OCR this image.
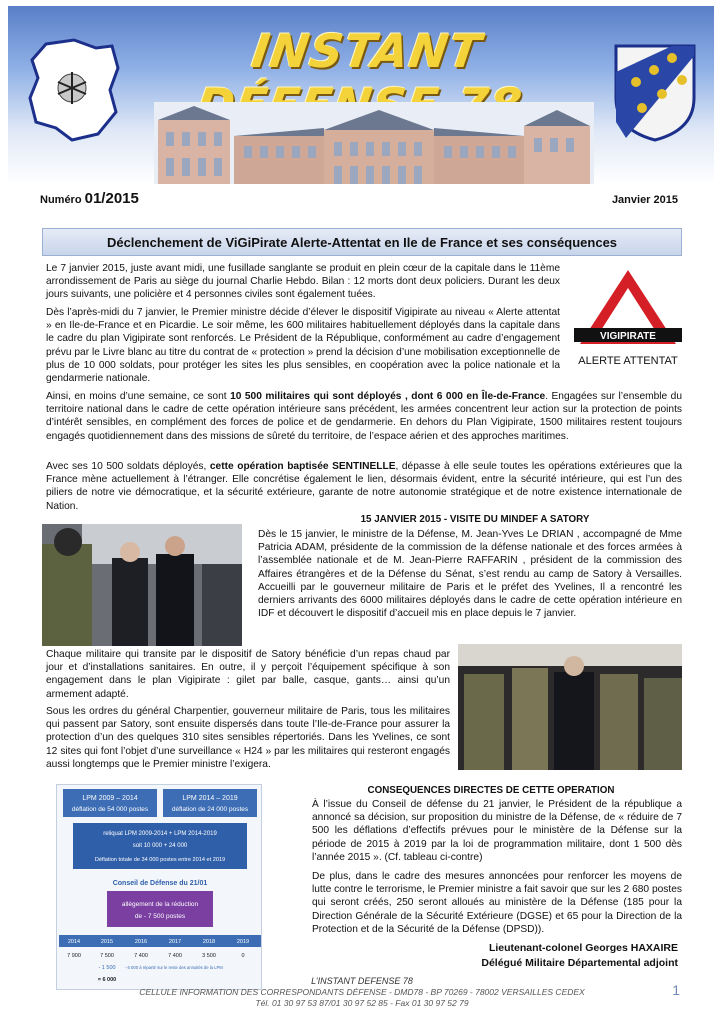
INSTANT
Numéro 01/2015	Janvier 2015
Déclenchement de ViGiPirate Alerte-Attentat en Ile de France et ses conséquences
VIGIPIRATE
ALERTE ATTENTAT

Le 7 janvier 2015, juste avant midi, une fusillade sanglante se produit en plein cœur de la capitale dans le 11ème arrondissement de Paris au siège du journal Charlie Hebdo. Bilan : 12 morts dont deux policiers. Durant les deux jours suivants, une policière et 4 personnes civiles sont également tuées.

Dès l’après-midi du 7 janvier, le Premier ministre décide d’élever le dispositif Vigipirate au niveau « Alerte attentat » en Ile-de-France et en Picardie. Le soir même, les 600 militaires habituellement déployés dans la capitale dans le cadre du plan Vigipirate sont renforcés. Le Président de la République, conformément au cadre d’engagement prévu par le Livre blanc au titre du contrat de « protection » prend la décision d’une mobilisation exceptionnelle de plus de 10 000 soldats, pour protéger les sites les plus sensibles, en coopération avec la police nationale et la gendarmerie nationale.

Ainsi, en moins d’une semaine, ce sont 10 500 militaires qui sont déployés , dont 6 000 en Île-de-France. Engagées sur l’ensemble du territoire national dans le cadre de cette opération intérieure sans précédent, les armées concentrent leur action sur la protection de points d’intérêt sensibles, en complément des forces de police et de gendarmerie. En dehors du Plan Vigipirate, 1500 militaires restent toujours engagés quotidiennement dans des missions de sûreté du territoire, de l’espace aérien et des approches maritimes.

Avec ses 10 500 soldats déployés, cette opération baptisée SENTINELLE, dépasse à elle seule toutes les opérations extérieures que la France mène actuellement à l’étranger. Elle concrétise également le lien, désormais évident, entre la sécurité intérieure, qui est l’un des piliers de notre vie démocratique, et la sécurité extérieure, garante de notre autonomie stratégique et de notre existence internationale de Nation.

15 JANVIER 2015 - VISITE DU MINDEF A SATORY

Dès le 15 janvier, le ministre de la Défense, M. Jean-Yves Le DRIAN , accompagné de Mme Patricia ADAM, présidente de la commission de la défense nationale et des forces armées à l’assemblée nationale et de M. Jean-Pierre RAFFARIN , président de la commission des Affaires étrangères et de la Défense du Sénat, s’est rendu au camp de Satory à Versailles. Accueilli par le gouverneur militaire de Paris et le préfet des Yvelines, Il a rencontré les derniers arrivants des 6000 militaires déployés dans le cadre de cette opération intérieure en IDF et découvert le dispositif d’accueil mis en place depuis le 7 janvier.

Chaque militaire qui transite par le dispositif de Satory bénéficie d’un repas chaud par jour et d’installations sanitaires. En outre, il y perçoit l’équipement spécifique à son engagement dans le plan Vigipirate : gilet par balle, casque, gants… ainsi qu’un armement adapté.

Sous les ordres du général Charpentier, gouverneur militaire de Paris, tous les militaires qui passent par Satory, sont ensuite dispersés dans toute l’Ile-de-France pour assurer la protection d’un des quelques 310 sites sensibles répertoriés. Dans les Yvelines, ce sont 12 sites qui font l’objet d’une surveillance « H24 » par les militaires qui resteront engagés aussi longtemps que le Premier ministre l’exigera.

CONSEQUENCES DIRECTES DE CETTE OPERATION

À l’issue du Conseil de défense du 21 janvier, le Président de la république a annoncé sa décision, sur proposition du ministre de la Défense, de « réduire de 7 500 les déflations d’effectifs prévues pour le ministère de la Défense sur la période de 2015 à 2019 par la loi de programmation militaire, dont 1 500 dès l’année 2015 ». (Cf. tableau ci-contre)

De plus, dans le cadre des mesures annoncées pour renforcer les moyens de lutte contre le terrorisme, le Premier ministre a fait savoir que sur les 2 680 postes qui seront créés, 250 seront alloués au ministère de la Défense (185 pour la Direction Générale de la Sécurité Extérieure (DGSE) et 65 pour la Direction de la Protection et de la Sécurité de la Défense (DPSD)).

LPM 2009 – 2014
déflation de 54 000 postes
LPM 2014 – 2019
déflation de 24 000 postes
reliquat LPM 2009-2014 + LPM 2014-2019
soit 10 000 + 24 000
Déflation totale de 34 000 postes entre 2014 et 2019
Conseil de Défense du 21/01
allègement de la réduction
de - 7 500 postes
2014	2015	2016	2017	2018	2019
7 900	7 500	7 400	7 400	3 500	0
- 1 500 - 6 000 à répartir sur le reste des annuités de la LPM
= 6 000
Lieutenant-colonel Georges HAXAIRE
Délégué Militaire Départemental adjoint
L’INSTANT DEFENSE 78
CELLULE INFORMATION DES CORRESPONDANTS DÉFENSE - DMD78 - BP 70269 - 78002 VERSAILLES CEDEX
Tél. 01 30 97 53 87/01 30 97 52 85 - Fax 01 30 97 52 79
1
